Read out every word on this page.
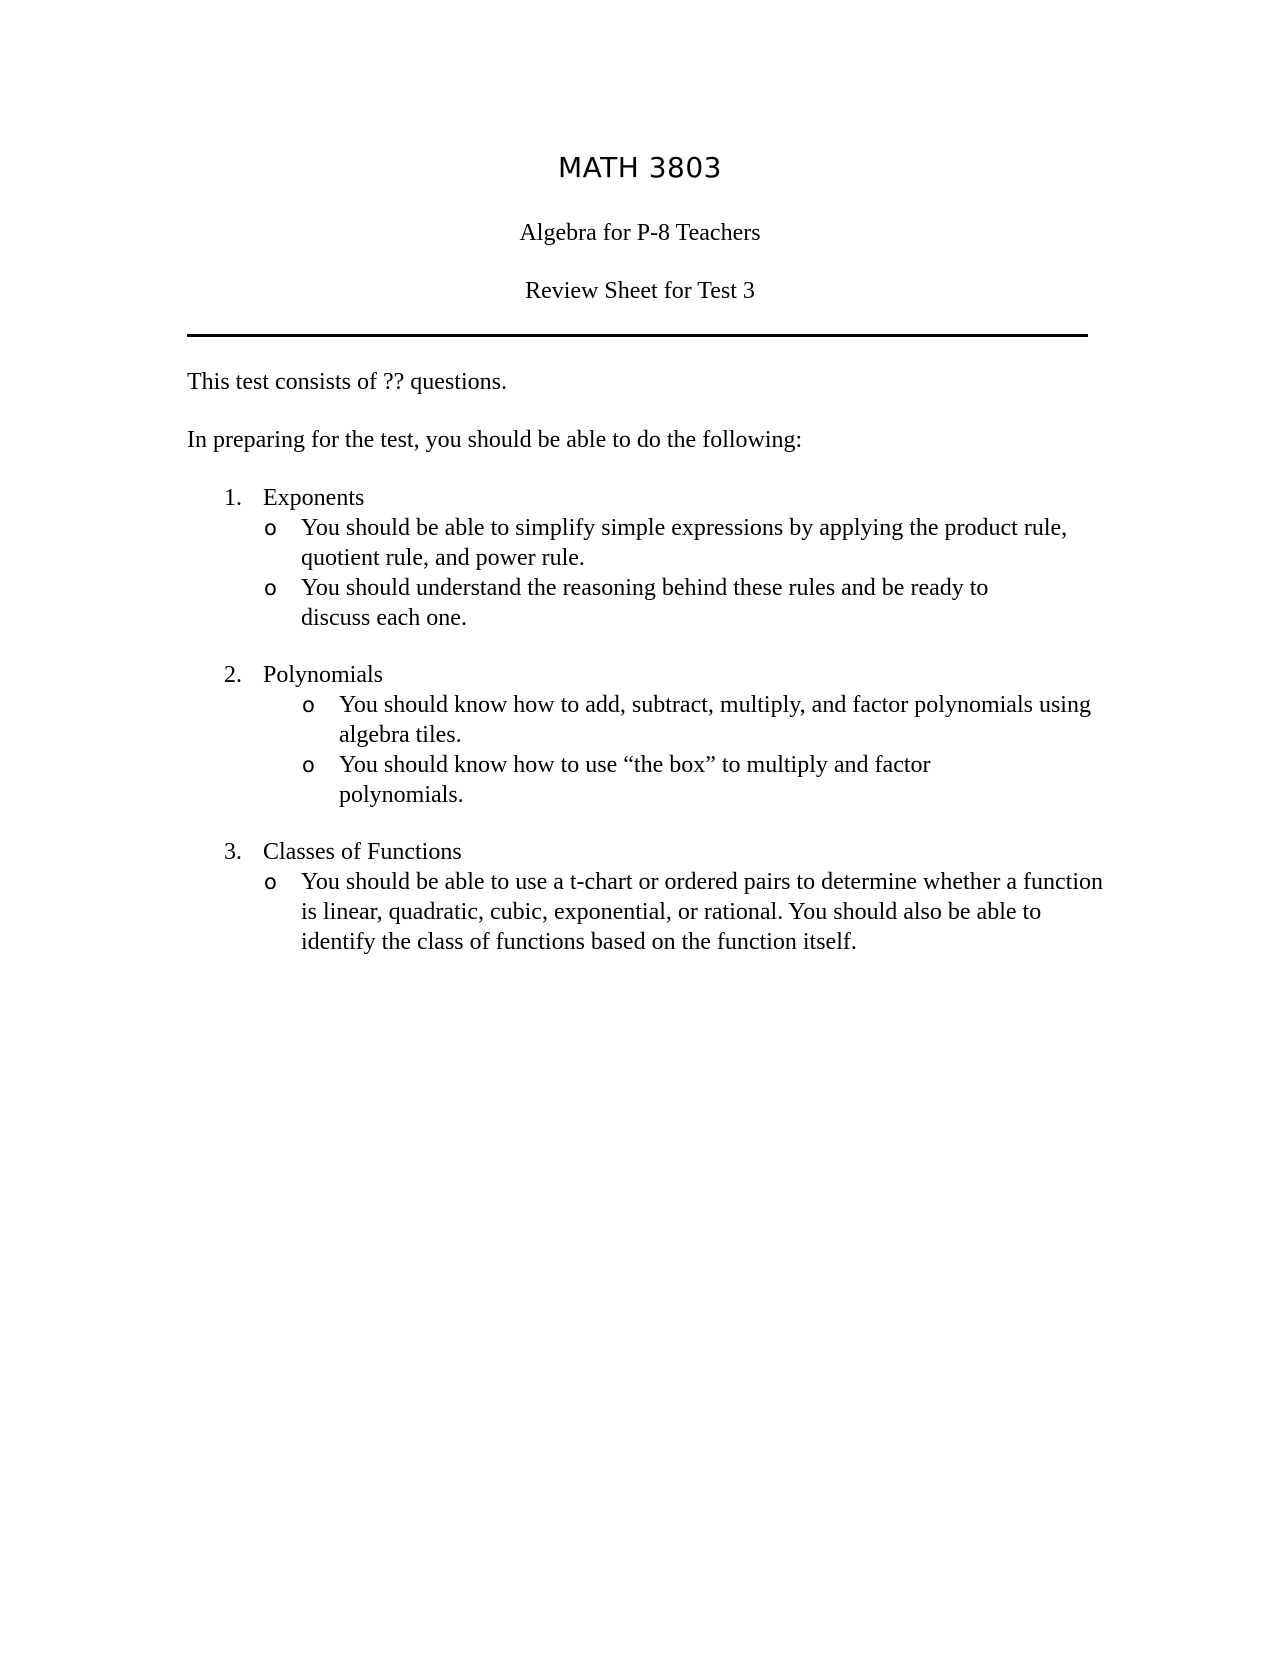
MATH 3803
Algebra for P-8 Teachers
Review Sheet for Test 3
This test consists of ?? questions.
In preparing for the test, you should be able to do the following:
1. Exponents
o You should be able to simplify simple expressions by applying the product rule, quotient rule, and power rule.
o You should understand the reasoning behind these rules and be ready to discuss each one.
2. Polynomials
o You should know how to add, subtract, multiply, and factor polynomials using algebra tiles.
o You should know how to use “the box” to multiply and factor polynomials.
3. Classes of Functions
o You should be able to use a t-chart or ordered pairs to determine whether a function is linear, quadratic, cubic, exponential, or rational. You should also be able to identify the class of functions based on the function itself.
